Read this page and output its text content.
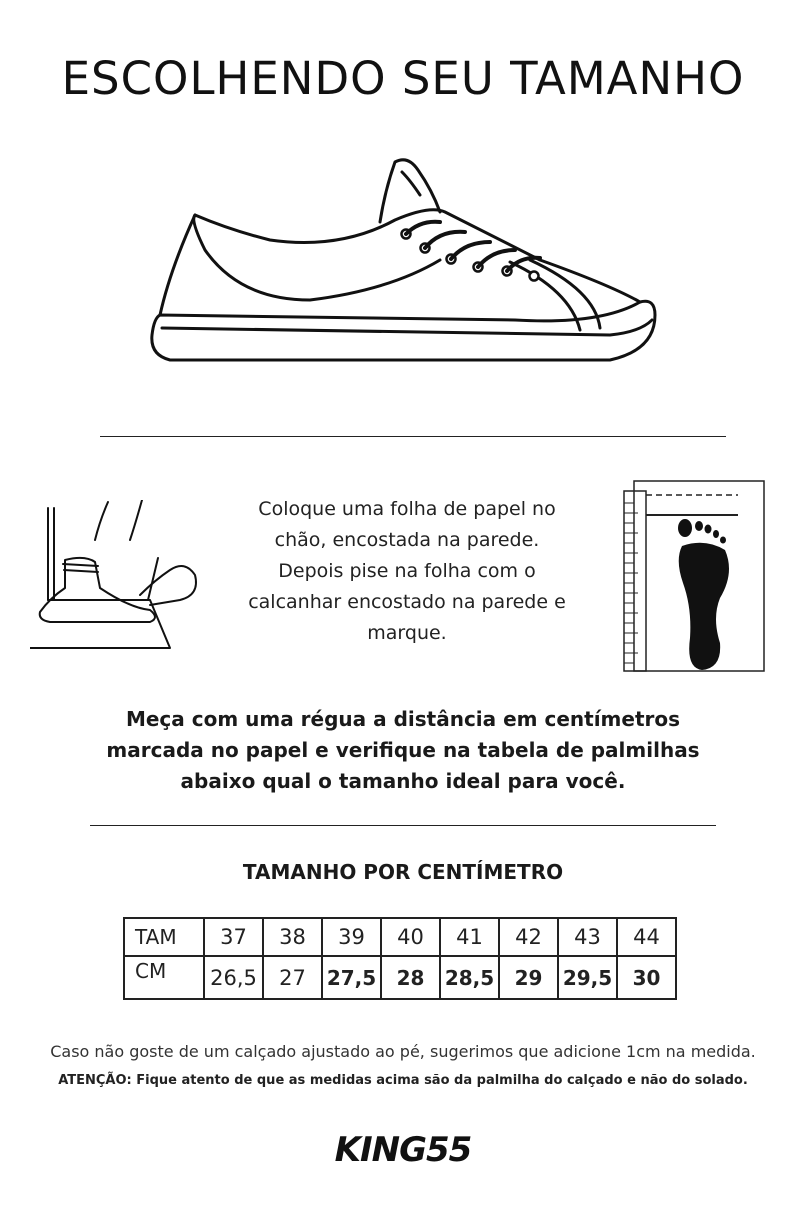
ESCOLHENDO SEU TAMANHO
Coloque uma folha de papel no
chão, encostada na parede.
Depois pise na folha com o
calcanhar encostado na parede e
marque.
Meça com uma régua a distância em centímetros
marcada no papel e verifique na tabela de palmilhas
abaixo qual o tamanho ideal para você.
TAMANHO POR CENTÍMETRO
TAM	37	38	39	40	41	42	43	44
CM	26,5	27	27,5	28	28,5	29	29,5	30
Caso não goste de um calçado ajustado ao pé, sugerimos que adicione 1cm na medida.
ATENÇÃO: Fique atento de que as medidas acima são da palmilha do calçado e não do solado.
KING55
